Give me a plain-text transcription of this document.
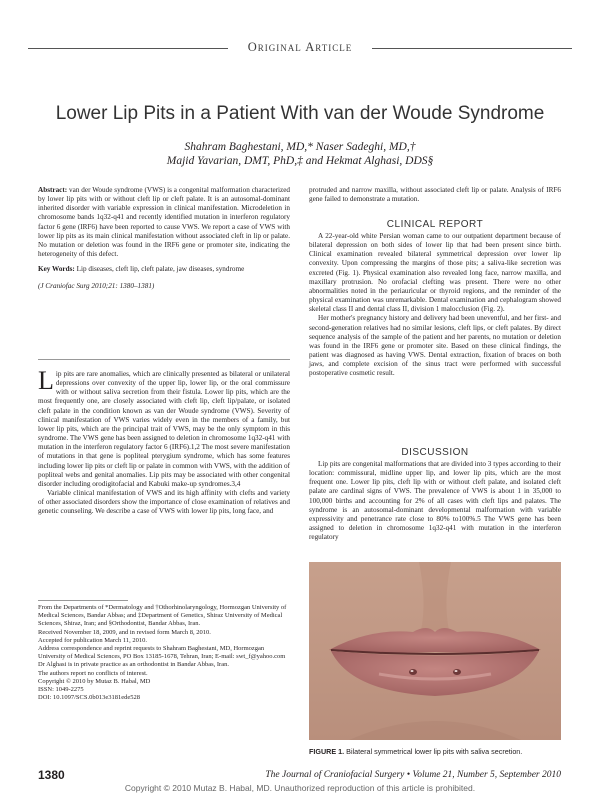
Original Article
Lower Lip Pits in a Patient With van der Woude Syndrome
Shahram Baghestani, MD,* Naser Sadeghi, MD,†
Majid Yavarian, DMT, PhD,‡ and Hekmat Alghasi, DDS§

Abstract: van der Woude syndrome (VWS) is a congenital malformation characterized by lower lip pits with or without cleft lip or cleft palate. It is an autosomal-dominant inherited disorder with variable expression in clinical manifestation. Microdeletion in chromosome bands 1q32-q41 and recently identified mutation in interferon regulatory factor 6 gene (IRF6) have been reported to cause VWS. We report a case of VWS with lower lip pits as its main clinical manifestation without associated cleft in lip or palate. No mutation or deletion was found in the IRF6 gene or promoter site, indicating the heterogeneity of this defect.

Key Words: Lip diseases, cleft lip, cleft palate, jaw diseases, syndrome

(J Craniofac Surg 2010;21: 1380–1381)

Lip pits are rare anomalies, which are clinically presented as bilateral or unilateral depressions over convexity of the upper lip, lower lip, or the oral commissure with or without saliva secretion from their fistula. Lower lip pits, which are the most frequently one, are closely associated with cleft lip, cleft lip/palate, or isolated cleft palate in the condition known as van der Woude syndrome (VWS). Severity of clinical manifestation of VWS varies widely even in the members of a family, but lower lip pits, which are the principal trait of VWS, may be the only symptom in this syndrome. The VWS gene has been assigned to deletion in chromosome 1q32-q41 with mutation in the interferon regulatory factor 6 (IRF6).1,2 The most severe manifestation of mutations in that gene is popliteal pterygium syndrome, which has some features including lower lip pits or cleft lip or palate in common with VWS, with the addition of popliteal webs and genital anomalies. Lip pits may be associated with other congenital disorder including orodigitofacial and Kabuki make-up syndromes.3,4

Variable clinical manifestation of VWS and its high affinity with clefts and variety of other associated disorders show the importance of close examination of relatives and genetic counseling. We describe a case of VWS with lower lip pits, long face, and

From the Departments of *Dermatology and †Othorhinolaryngology, Hormozgan University of Medical Sciences, Bandar Abbas; and ‡Department of Genetics, Shiraz University of Medical Sciences, Shiraz, Iran; and §Orthodontist, Bandar Abbas, Iran.

Received November 18, 2009, and in revised form March 8, 2010.

Accepted for publication March 11, 2010.

Address correspondence and reprint requests to Shahram Baghestani, MD, Hormozgan University of Medical Sciences, PO Box 13185-1678, Tehran, Iran; E-mail: swt_f@yahoo.com

Dr Alghasi is in private practice as an orthodontist in Bandar Abbas, Iran.

The authors report no conflicts of interest.

Copyright © 2010 by Mutaz B. Habal, MD

ISSN: 1049-2275

DOI: 10.1097/SCS.0b013e3181ede528

protruded and narrow maxilla, without associated cleft lip or palate. Analysis of IRF6 gene failed to demonstrate a mutation.

CLINICAL REPORT

A 22-year-old white Persian woman came to our outpatient department because of bilateral depression on both sides of lower lip that had been present since birth. Clinical examination revealed bilateral symmetrical depression over lower lip convexity. Upon compressing the margins of those pits; a saliva-like secretion was excreted (Fig. 1). Physical examination also revealed long face, narrow maxilla, and maxillary protrusion. No orofacial clefting was present. There were no other abnormalities noted in the periauricular or thyroid regions, and the reminder of the physical examination was unremarkable. Dental examination and cephalogram showed skeletal class II and dental class II, division 1 malocclusion (Fig. 2).

Her mother's pregnancy history and delivery had been uneventful, and her first- and second-generation relatives had no similar lesions, cleft lips, or cleft palates. By direct sequence analysis of the sample of the patient and her parents, no mutation or deletion was found in the IRF6 gene or promoter site. Based on these clinical findings, the patient was diagnosed as having VWS. Dental extraction, fixation of braces on both jaws, and complete excision of the sinus tract were performed with successful postoperative cosmetic result.

DISCUSSION

Lip pits are congenital malformations that are divided into 3 types according to their location: commissural, midline upper lip, and lower lip pits, which are the most frequent one. Lower lip pits, cleft lip with or without cleft palate, and isolated cleft palate are cardinal signs of VWS. The prevalence of VWS is about 1 in 35,000 to 100,000 births and accounting for 2% of all cases with cleft lips and palates. The syndrome is an autosomal-dominant developmental malformation with variable expressivity and penetrance rate close to 80% to100%.5 The VWS gene has been assigned to deletion in chromosome 1q32-q41 with mutation in the interferon regulatory

FIGURE 1. Bilateral symmetrical lower lip pits with saliva secretion.
1380	The Journal of Craniofacial Surgery • Volume 21, Number 5, September 2010
Copyright © 2010 Mutaz B. Habal, MD. Unauthorized reproduction of this article is prohibited.
